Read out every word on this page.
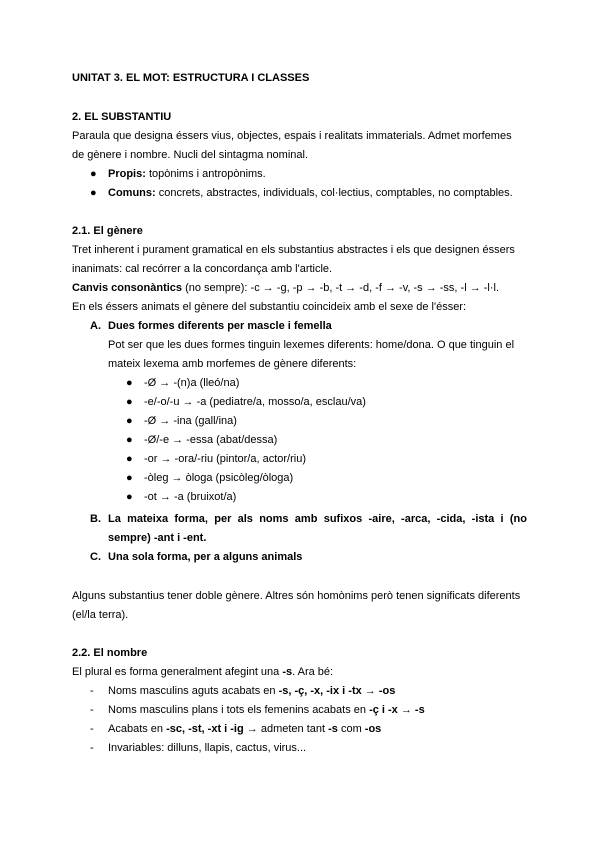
UNITAT 3. EL MOT: ESTRUCTURA I CLASSES
2. EL SUBSTANTIU
Paraula que designa éssers vius, objectes, espais i realitats immaterials. Admet morfemes
de gènere i nombre. Nucli del sintagma nominal.
● Propis: topònims i antropònims.
● Comuns: concrets, abstractes, individuals, col·lectius, comptables, no comptables.
2.1. El gènere
Tret inherent i purament gramatical en els substantius abstractes i els que designen éssers
inanimats: cal recórrer a la concordança amb l'article.
Canvis consonàntics (no sempre): -c → -g, -p → -b, -t → -d, -f → -v, -s → -ss, -l → -l·l.
En els éssers animats el gènere del substantiu coincideix amb el sexe de l'ésser:
A. Dues formes diferents per mascle i femella
Pot ser que les dues formes tinguin lexemes diferents: home/dona. O que tinguin el
mateix lexema amb morfemes de gènere diferents:
● -Ø → -(n)a (lleó/na)
● -e/-o/-u → -a (pediatre/a, mosso/a, esclau/va)
● -Ø → -ina (gall/ina)
● -Ø/-e → -essa (abat/dessa)
● -or → -ora/-riu (pintor/a, actor/riu)
● -òleg → òloga (psicòleg/òloga)
● -ot → -a (bruixot/a)
B. La mateixa forma, per als noms amb sufixos -aire, -arca, -cida, -ista i (no
sempre) -ant i -ent.
C. Una sola forma, per a alguns animals
Alguns substantius tener doble gènere. Altres són homònims però tenen significats diferents
(el/la terra).
2.2. El nombre
El plural es forma generalment afegint una -s. Ara bé:
- Noms masculins aguts acabats en -s, -ç, -x, -ix i -tx → -os
- Noms masculins plans i tots els femenins acabats en -ç i -x → -s
- Acabats en -sc, -st, -xt i -ig → admeten tant -s com -os
- Invariables: dilluns, llapis, cactus, virus...
